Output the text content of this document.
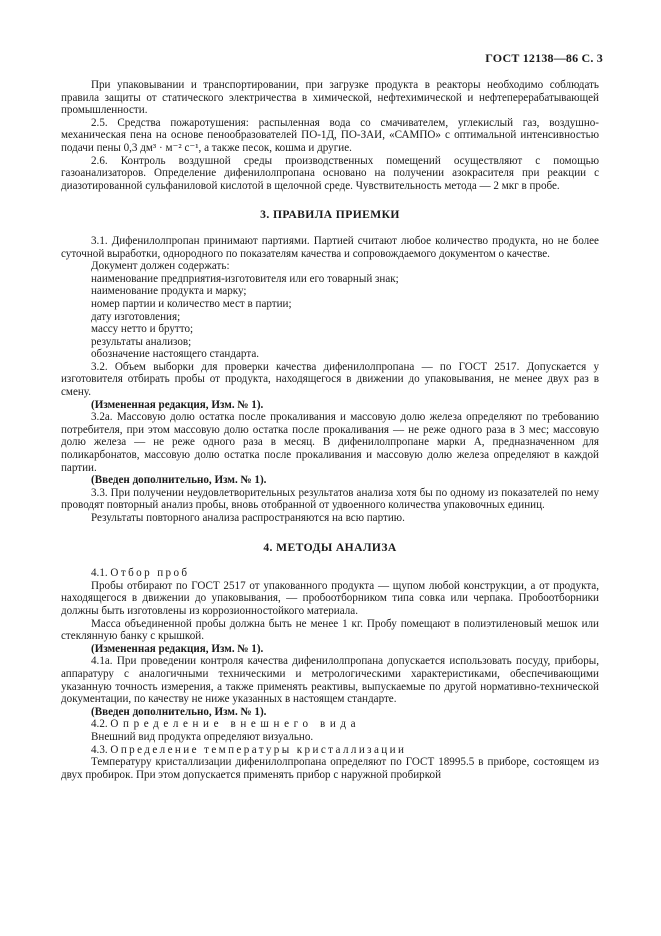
ГОСТ 12138—86 С. 3

При упаковывании и транспортировании, при загрузке продукта в реакторы необходимо соблюдать правила защиты от статического электричества в химической, нефтехимической и нефтеперерабатывающей промышленности.

2.5. Средства пожаротушения: распыленная вода со смачивателем, углекислый газ, воздушно-механическая пена на основе пенообразователей ПО-1Д, ПО-ЗАИ, «САМПО» с оптимальной интенсивностью подачи пены 0,3 дм³ · м⁻² с⁻¹, а также песок, кошма и другие.

2.6. Контроль воздушной среды производственных помещений осуществляют с помощью газоанализаторов. Определение дифенилолпропана основано на получении азокрасителя при реакции с диазотированной сульфаниловой кислотой в щелочной среде. Чувствительность метода — 2 мкг в пробе.

3. ПРАВИЛА ПРИЕМКИ

3.1. Дифенилолпропан принимают партиями. Партией считают любое количество продукта, но не более суточной выработки, однородного по показателям качества и сопровождаемого документом о качестве.

Документ должен содержать:

наименование предприятия-изготовителя или его товарный знак;

наименование продукта и марку;

номер партии и количество мест в партии;

дату изготовления;

массу нетто и брутто;

результаты анализов;

обозначение настоящего стандарта.

3.2. Объем выборки для проверки качества дифенилолпропана — по ГОСТ 2517. Допускается у изготовителя отбирать пробы от продукта, находящегося в движении до упаковывания, не менее двух раз в смену.

(Измененная редакция, Изм. № 1).

3.2а. Массовую долю остатка после прокаливания и массовую долю железа определяют по требованию потребителя, при этом массовую долю остатка после прокаливания — не реже одного раза в 3 мес; массовую долю железа — не реже одного раза в месяц. В дифенилолпропане марки А, предназначенном для поликарбонатов, массовую долю остатка после прокаливания и массовую долю железа определяют в каждой партии.

(Введен дополнительно, Изм. № 1).

3.3. При получении неудовлетворительных результатов анализа хотя бы по одному из показателей по нему проводят повторный анализ пробы, вновь отобранной от удвоенного количества упаковочных единиц.

Результаты повторного анализа распространяются на всю партию.

4. МЕТОДЫ АНАЛИЗА

4.1. Отбор проб

Пробы отбирают по ГОСТ 2517 от упакованного продукта — щупом любой конструкции, а от продукта, находящегося в движении до упаковывания, — пробоотборником типа совка или черпака. Пробоотборники должны быть изготовлены из коррозионностойкого материала.

Масса объединенной пробы должна быть не менее 1 кг. Пробу помещают в полиэтиленовый мешок или стеклянную банку с крышкой.

(Измененная редакция, Изм. № 1).

4.1а. При проведении контроля качества дифенилолпропана допускается использовать посуду, приборы, аппаратуру с аналогичными техническими и метрологическими характеристиками, обеспечивающими указанную точность измерения, а также применять реактивы, выпускаемые по другой нормативно-технической документации, по качеству не ниже указанных в настоящем стандарте.

(Введен дополнительно, Изм. № 1).

4.2. Определение внешнего вида

Внешний вид продукта определяют визуально.

4.3. Определение температуры кристаллизации

Температуру кристаллизации дифенилолпропана определяют по ГОСТ 18995.5 в приборе, состоящем из двух пробирок. При этом допускается применять прибор с наружной пробиркой
